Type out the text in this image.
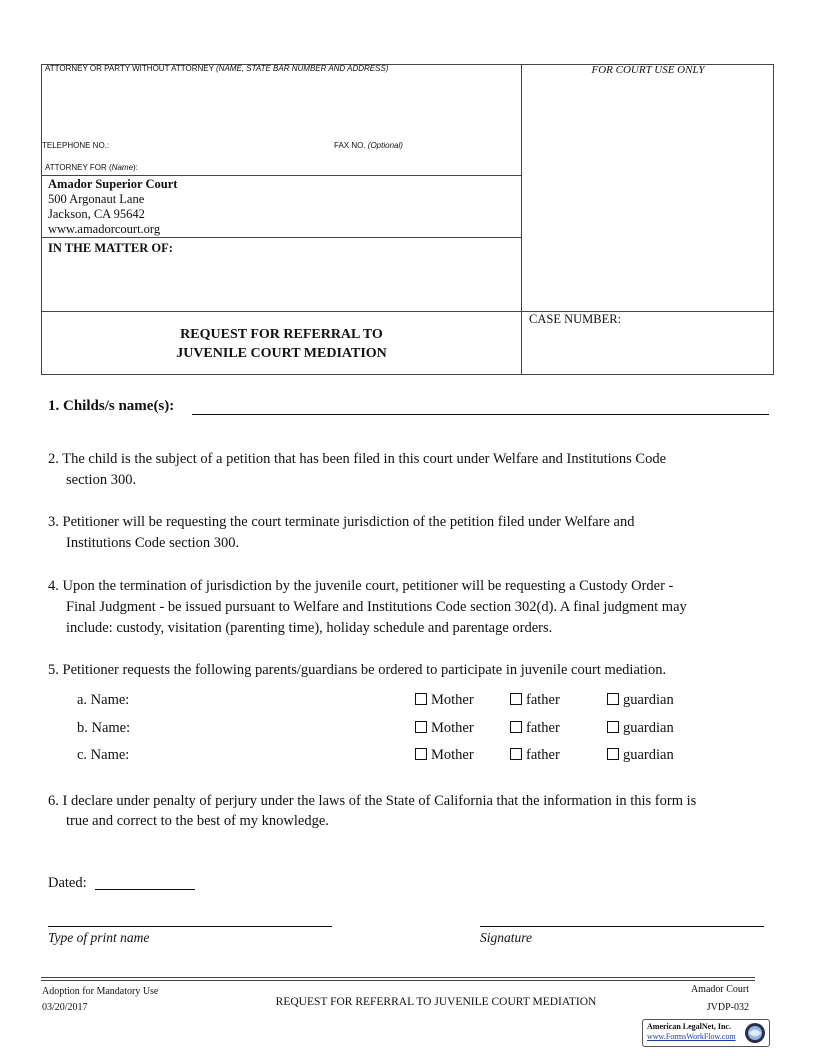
ATTORNEY OR PARTY WITHOUT ATTORNEY (NAME, STATE BAR NUMBER AND ADDRESS)
TELEPHONE NO.:	FAX NO. (Optional)
ATTORNEY FOR (Name):
FOR COURT USE ONLY
Amador Superior Court
500 Argonaut Lane
Jackson, CA 95642
www.amadorcourt.org
IN THE MATTER OF:
REQUEST FOR REFERRAL TO
JUVENILE COURT MEDIATION
CASE NUMBER:
1. Childs/s name(s):
2. The child is the subject of a petition that has been filed in this court under Welfare and Institutions Code
section 300.
3. Petitioner will be requesting the court terminate jurisdiction of the petition filed under Welfare and
Institutions Code section 300.
4. Upon the termination of jurisdiction by the juvenile court, petitioner will be requesting a Custody Order -
Final Judgment - be issued pursuant to Welfare and Institutions Code section 302(d). A final judgment may
include: custody, visitation (parenting time), holiday schedule and parentage orders.
5. Petitioner requests the following parents/guardians be ordered to participate in juvenile court mediation.
a. Name:	Mother	father	guardian
b. Name:	Mother	father	guardian
c. Name:	Mother	father	guardian
6. I declare under penalty of perjury under the laws of the State of California that the information in this form is
true and correct to the best of my knowledge.
Dated:
Type of print name	Signature
Adoption for Mandatory Use
03/20/2017	REQUEST FOR REFERRAL TO JUVENILE COURT MEDIATION
Amador Court
JVDP-032
American LegalNet, Inc.
www.FormsWorkFlow.com
